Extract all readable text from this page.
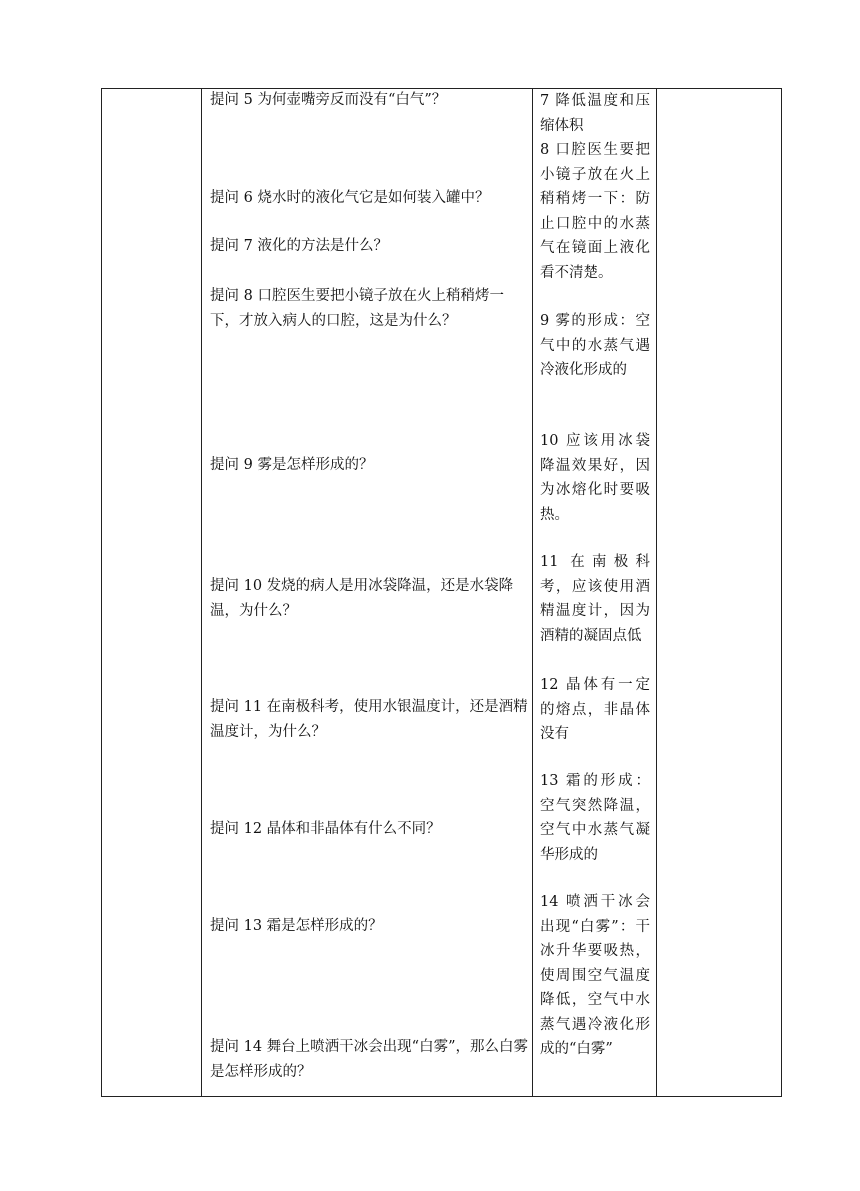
提问 5 为何壶嘴旁反而没有“白气”？
提问 6 烧水时的液化气它是如何装入罐中？
提问 7 液化的方法是什么？
提问 8 口腔医生要把小镜子放在火上稍稍烤一下，才放入病人的口腔，这是为什么？
提问 9 雾是怎样形成的？
提问 10 发烧的病人是用冰袋降温，还是水袋降温，为什么？
提问 11 在南极科考，使用水银温度计，还是酒精温度计，为什么？
提问 12 晶体和非晶体有什么不同？
提问 13 霜是怎样形成的？
提问 14 舞台上喷洒干冰会出现“白雾”，那么白雾是怎样形成的？
7 降低温度和压缩体积
8 口腔医生要把小镜子放在火上稍稍烤一下：防止口腔中的水蒸气在镜面上液化看不清楚。
9 雾的形成：空气中的水蒸气遇冷液化形成的
10 应该用冰袋降温效果好，因为冰熔化时要吸热。
11 在南极科考，应该使用酒精温度计，因为酒精的凝固点低
12 晶体有一定的熔点，非晶体没有
13 霜的形成：空气突然降温，空气中水蒸气凝华形成的
14 喷洒干冰会出现“白雾”：干冰升华要吸热，使周围空气温度降低，空气中水蒸气遇冷液化形成的“白雾”
